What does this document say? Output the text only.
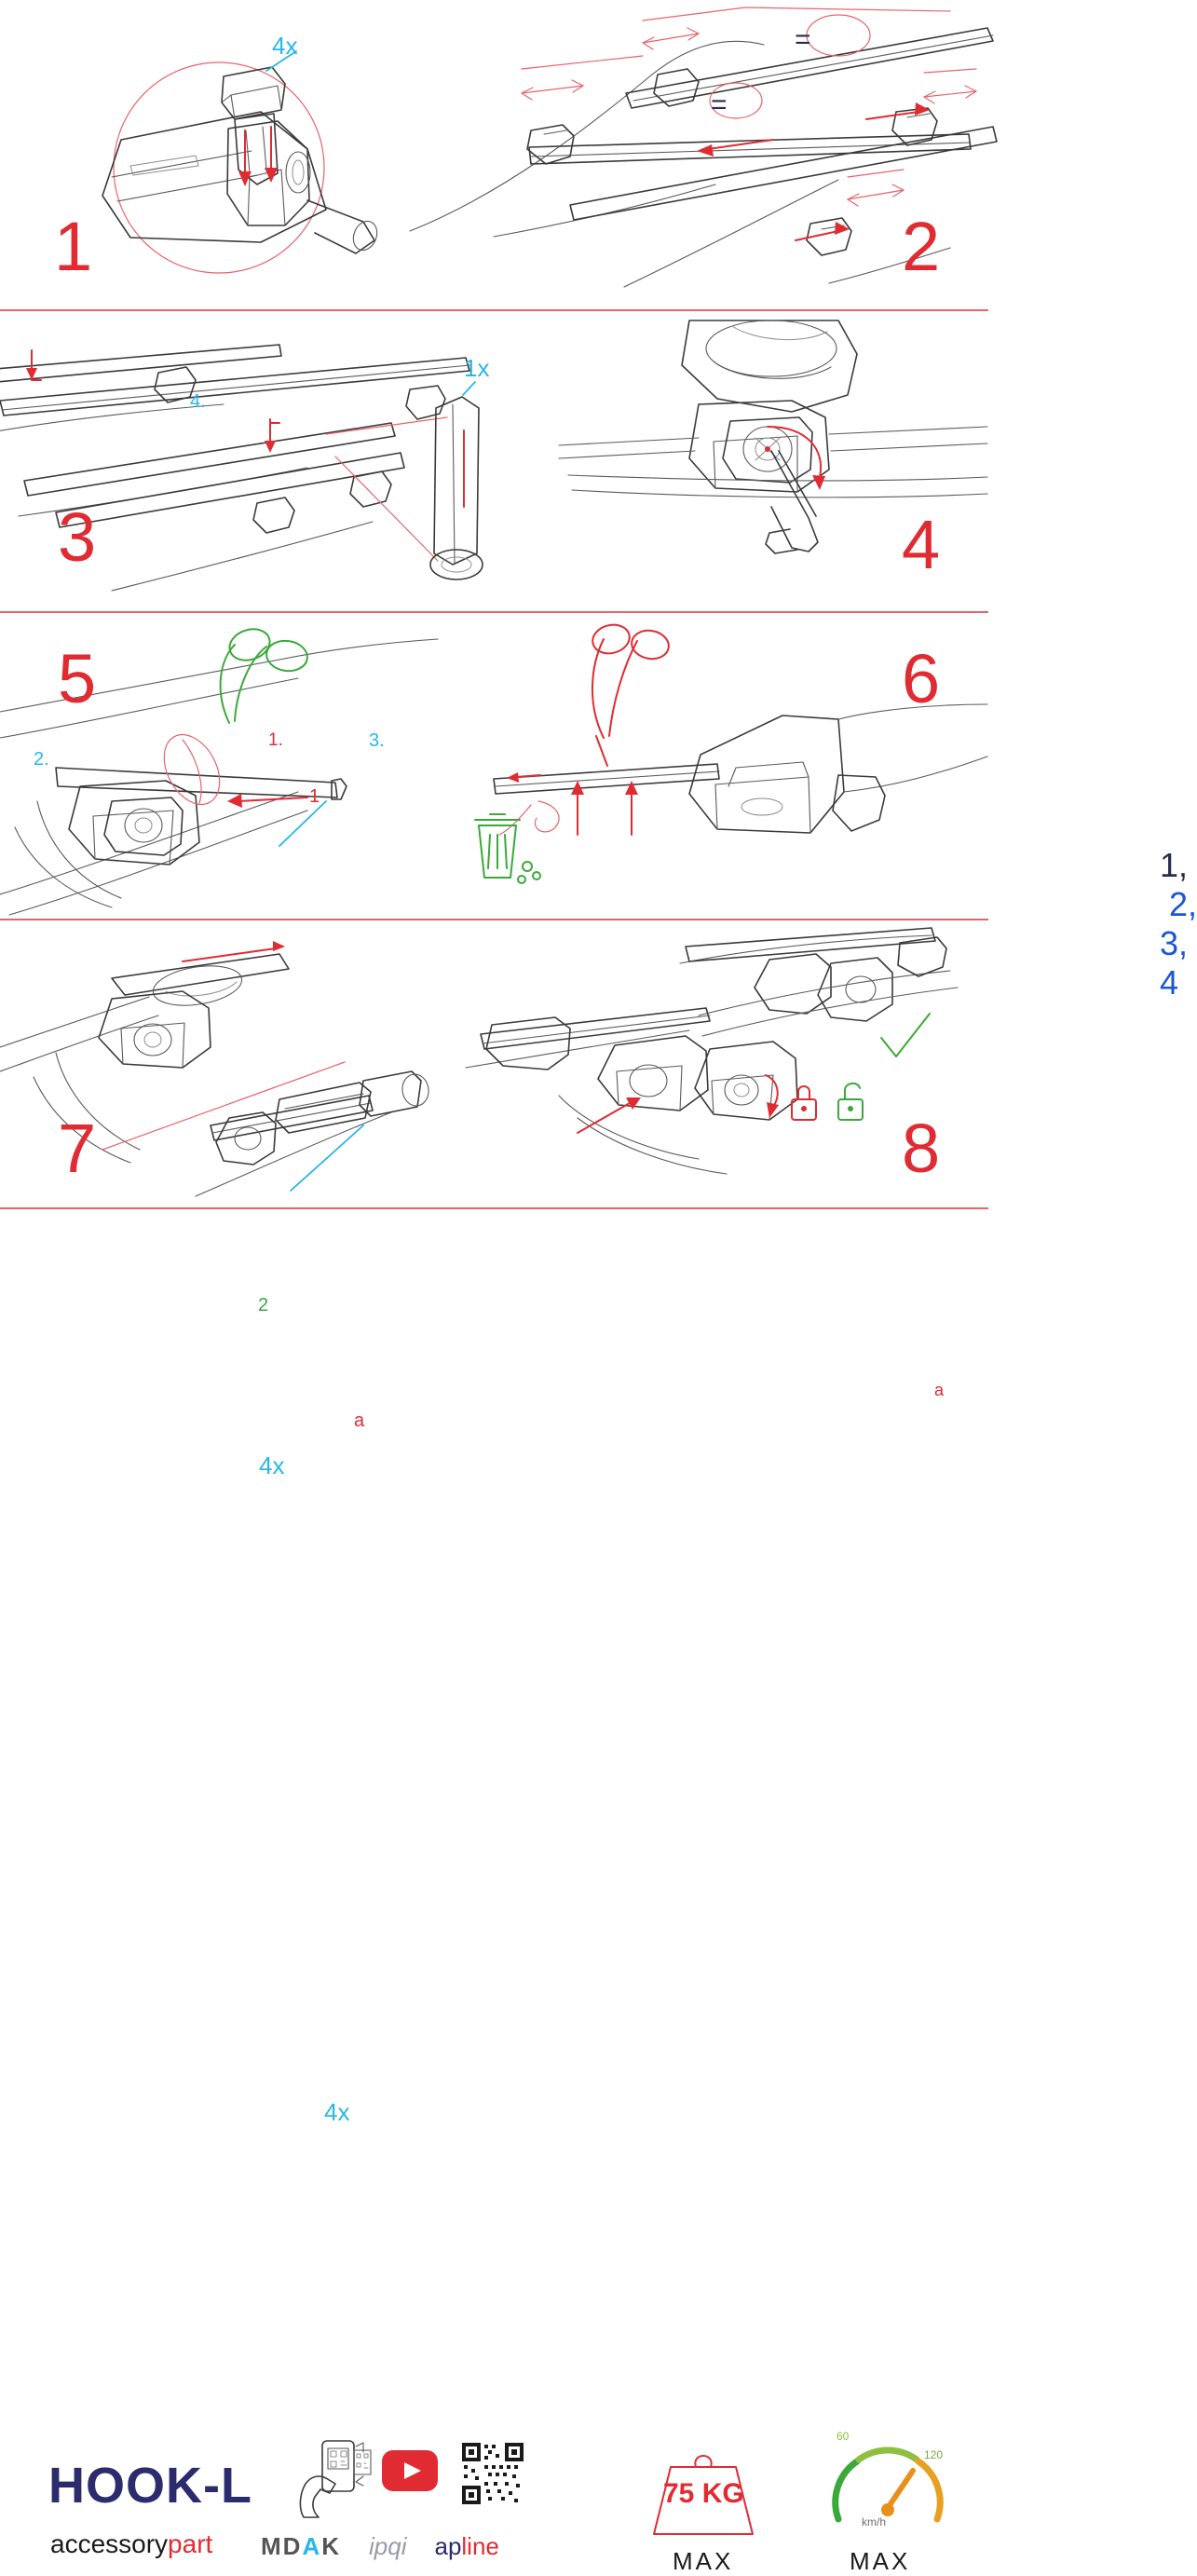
4x
1
=
=
2
1.
2.
3.
4.
1x
3
1,  2, 3, 4
4
1
a
2
4x
5
a
6
4x
7	8
HOOK-L
accessorypart MDAK ipqi apline
75 KG
MAX
60
120
km/h
MAX
